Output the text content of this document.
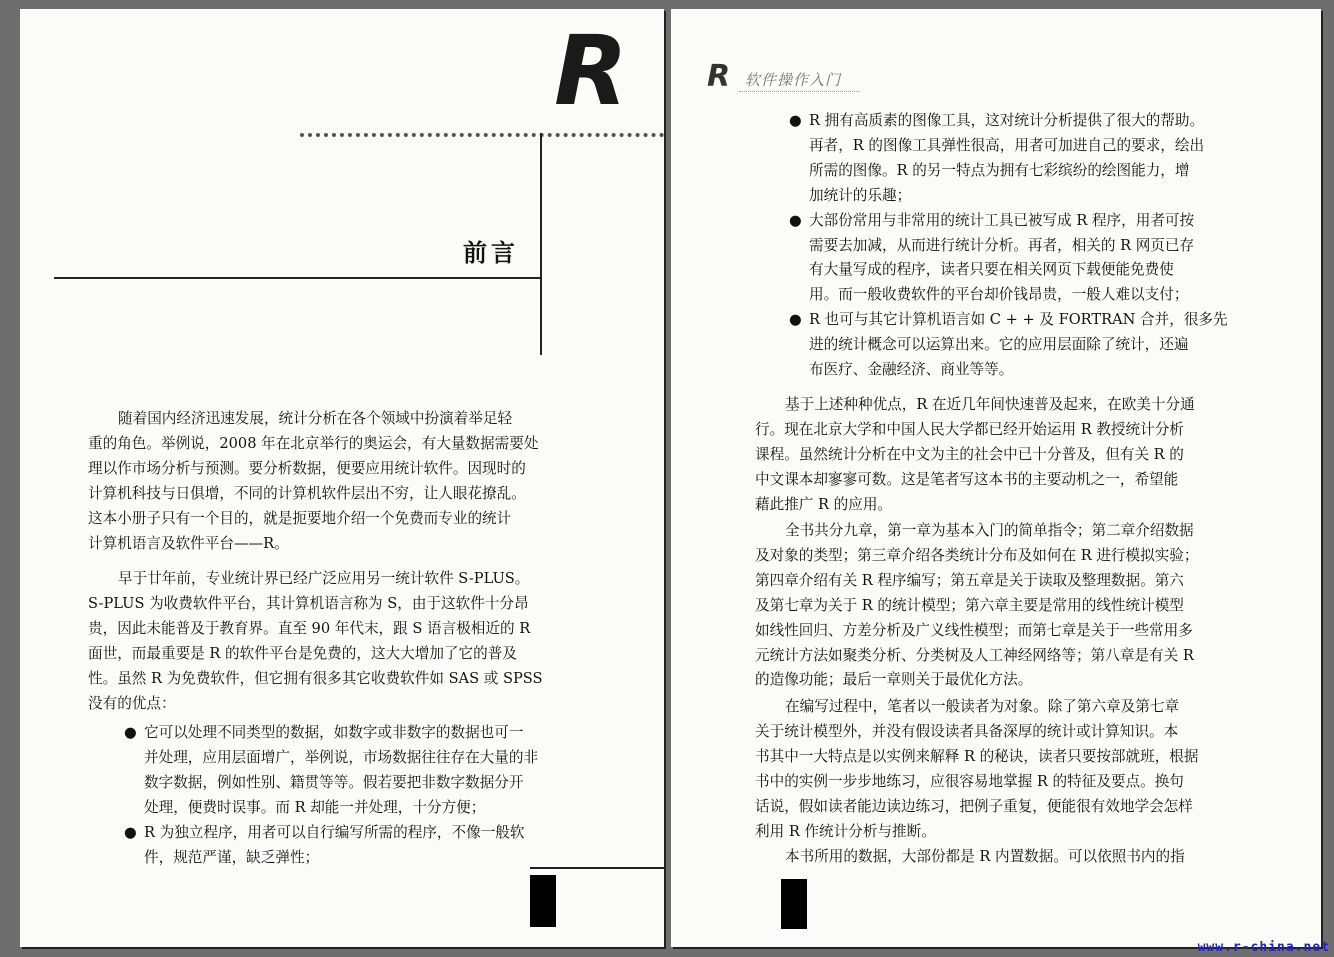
R
前言
随着国内经济迅速发展，统计分析在各个领域中扮演着举足轻
重的角色。举例说，2008 年在北京举行的奥运会，有大量数据需要处
理以作市场分析与预测。要分析数据，便要应用统计软件。因现时的
计算机科技与日俱增，不同的计算机软件层出不穷，让人眼花撩乱。
这本小册子只有一个目的，就是扼要地介绍一个免费而专业的统计
计算机语言及软件平台——R。
早于廿年前，专业统计界已经广泛应用另一统计软件 S-PLUS。
S-PLUS 为收费软件平台，其计算机语言称为 S，由于这软件十分昂
贵，因此未能普及于教育界。直至 90 年代末，跟 S 语言极相近的 R
面世，而最重要是 R 的软件平台是免费的，这大大增加了它的普及
性。虽然 R 为免费软件，但它拥有很多其它收费软件如 SAS 或 SPSS
没有的优点：
● 它可以处理不同类型的数据，如数字或非数字的数据也可一
并处理，应用层面增广，举例说，市场数据往往存在大量的非
数字数据，例如性别、籍贯等等。假若要把非数字数据分开
处理，便费时误事。而 R 却能一并处理，十分方便；
● R 为独立程序，用者可以自行编写所需的程序，不像一般软
件，规范严谨，缺乏弹性；
R 软件操作入门
● R 拥有高质素的图像工具，这对统计分析提供了很大的帮助。
再者，R 的图像工具弹性很高，用者可加进自己的要求，绘出
所需的图像。R 的另一特点为拥有七彩缤纷的绘图能力，增
加统计的乐趣；
● 大部份常用与非常用的统计工具已被写成 R 程序，用者可按
需要去加减，从而进行统计分析。再者，相关的 R 网页已存
有大量写成的程序，读者只要在相关网页下载便能免费使
用。而一般收费软件的平台却价钱昂贵，一般人难以支付；
● R 也可与其它计算机语言如 C + + 及 FORTRAN 合并，很多先
进的统计概念可以运算出来。它的应用层面除了统计，还遍
布医疗、金融经济、商业等等。
基于上述种种优点，R 在近几年间快速普及起来，在欧美十分通
行。现在北京大学和中国人民大学都已经开始运用 R 教授统计分析
课程。虽然统计分析在中文为主的社会中已十分普及，但有关 R 的
中文课本却寥寥可数。这是笔者写这本书的主要动机之一，希望能
藉此推广 R 的应用。
全书共分九章，第一章为基本入门的简单指令；第二章介绍数据
及对象的类型；第三章介绍各类统计分布及如何在 R 进行模拟实验；
第四章介绍有关 R 程序编写；第五章是关于读取及整理数据。第六
及第七章为关于 R 的统计模型；第六章主要是常用的线性统计模型
如线性回归、方差分析及广义线性模型；而第七章是关于一些常用多
元统计方法如聚类分析、分类树及人工神经网络等；第八章是有关 R
的造像功能；最后一章则关于最优化方法。
在编写过程中，笔者以一般读者为对象。除了第六章及第七章
关于统计模型外，并没有假设读者具备深厚的统计或计算知识。本
书其中一大特点是以实例来解释 R 的秘诀，读者只要按部就班，根据
书中的实例一步步地练习，应很容易地掌握 R 的特征及要点。换句
话说，假如读者能边读边练习，把例子重复，便能很有效地学会怎样
利用 R 作统计分析与推断。
本书所用的数据，大部份都是 R 内置数据。可以依照书内的指
www.r-china.net
